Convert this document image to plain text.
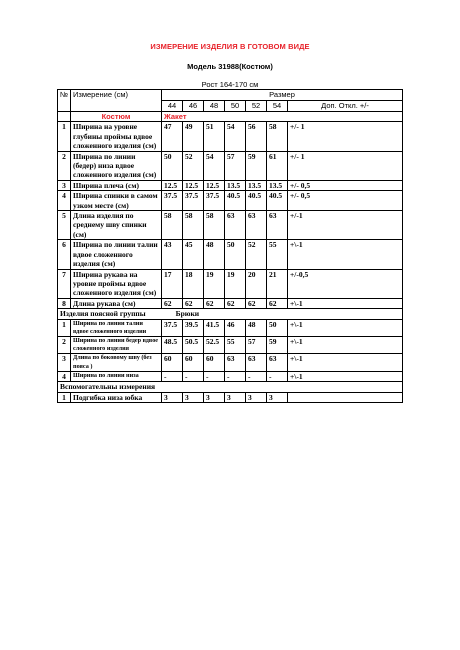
ИЗМЕРЕНИЕ ИЗДЕЛИЯ В ГОТОВОМ ВИДЕ
Модель 31988(Костюм)
Рост 164-170 см
№	Измерение (см)	Размер						
		44	46	48	50	52	54	Доп. Откл. +/-
	Костюм	Жакет						
1	Ширина на уровне глубины проймы вдвое сложенного изделия (см)	47	49	51	54	56	58	+/- 1
2	Ширина по линии (бедер) низа вдвое сложенного изделия (см)	50	52	54	57	59	61	+/- 1
3	Ширина плеча (см)	12.5	12.5	12.5	13.5	13.5	13.5	+/- 0,5
4	Ширина спинки в самом узком месте (см)	37.5	37.5	37.5	40.5	40.5	40.5	+/- 0,5
5	Длина изделия по среднему шву спинки (см)	58	58	58	63	63	63	+/-1
6	Ширина по линии талии вдвое сложенного изделия (см)	43	45	48	50	52	55	+\-1
7	Ширина рукава на уровне проймы вдвое сложенного изделия (см)	17	18	19	19	20	21	+/-0,5
8	Длина рукава (см)	62	62	62	62	62	62	+\-1
Изделия поясной группы Брюки								
1	Ширина по линии талии вдвое сложенного изделии	37.5	39.5	41.5	46	48	50	+\-1
2	Ширина по линии бедер вдвое сложенного изделия	48.5	50.5	52.5	55	57	59	+\-1
3	Длина по боковому шву (без пояса )	60	60	60	63	63	63	+\-1
4	Ширина по линии низа	-	-	-	-	-	-	+\-1
Вспомогательны измерения								
1	Подгибка низа юбка	3	3	3	3	3	3	
